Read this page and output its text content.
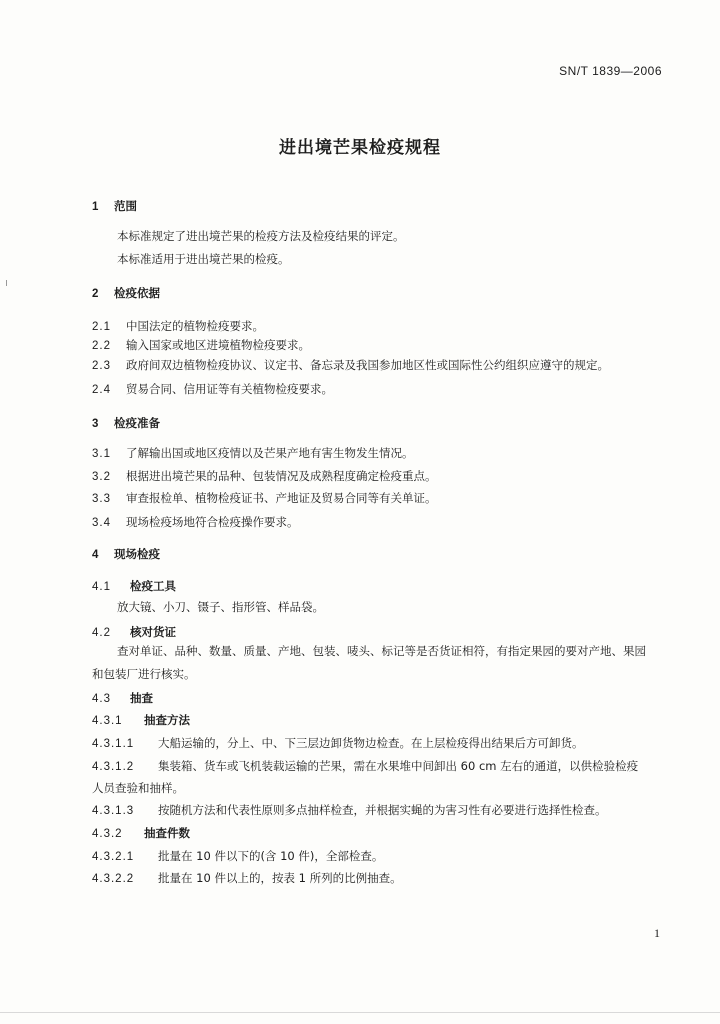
SN/T 1839—2006
进出境芒果检疫规程
1 范围
本标准规定了进出境芒果的检疫方法及检疫结果的评定。
本标准适用于进出境芒果的检疫。
2 检疫依据
2.1 中国法定的植物检疫要求。
2.2 输入国家或地区进境植物检疫要求。
2.3 政府间双边植物检疫协议、议定书、备忘录及我国参加地区性或国际性公约组织应遵守的规定。
2.4 贸易合同、信用证等有关植物检疫要求。
3 检疫准备
3.1 了解输出国或地区疫情以及芒果产地有害生物发生情况。
3.2 根据进出境芒果的品种、包装情况及成熟程度确定检疫重点。
3.3 审查报检单、植物检疫证书、产地证及贸易合同等有关单证。
3.4 现场检疫场地符合检疫操作要求。
4 现场检疫
4.1 检疫工具
放大镜、小刀、镊子、指形管、样品袋。
4.2 核对货证
查对单证、品种、数量、质量、产地、包装、唛头、标记等是否货证相符，有指定果园的要对产地、果园
和包装厂进行核实。
4.3 抽查
4.3.1 抽查方法
4.3.1.1 大船运输的，分上、中、下三层边卸货物边检查。在上层检疫得出结果后方可卸货。
4.3.1.2 集装箱、货车或飞机装载运输的芒果，需在水果堆中间卸出 60 cm 左右的通道，以供检验检疫
人员查验和抽样。
4.3.1.3 按随机方法和代表性原则多点抽样检查，并根据实蝇的为害习性有必要进行选择性检查。
4.3.2 抽查件数
4.3.2.1 批量在 10 件以下的(含 10 件)，全部检查。
4.3.2.2 批量在 10 件以上的，按表 1 所列的比例抽查。
1
